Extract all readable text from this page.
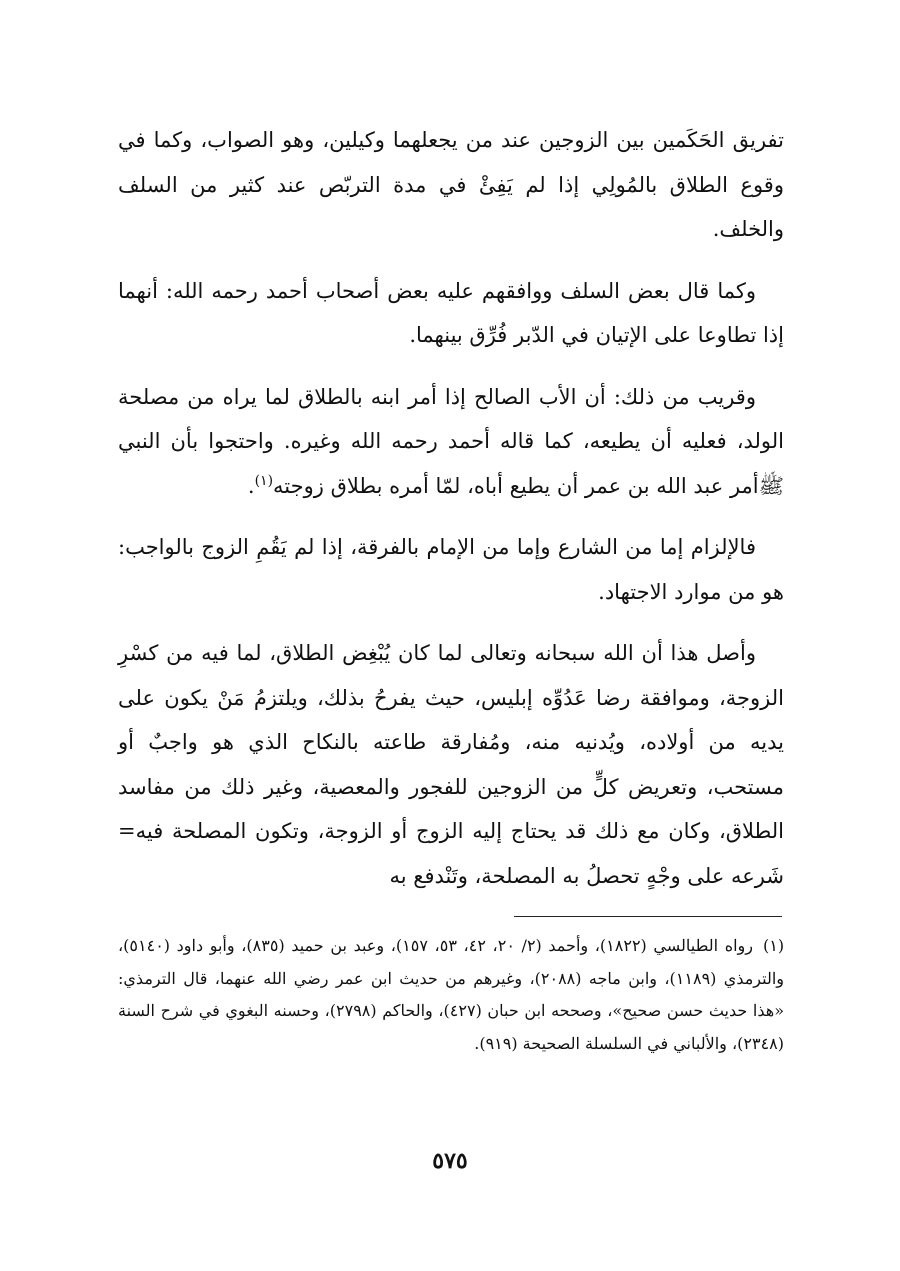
تفريق الحَكَمين بين الزوجين عند من يجعلهما وكيلين، وهو الصواب، وكما في وقوع الطلاق بالمُولِي إذا لم يَفِئْ في مدة التربّص عند كثير من السلف والخلف.

وكما قال بعض السلف ووافقهم عليه بعض أصحاب أحمد رحمه الله: أنهما إذا تطاوعا على الإتيان في الدّبر فُرِّق بينهما.

وقريب من ذلك: أن الأب الصالح إذا أمر ابنه بالطلاق لما يراه من مصلحة الولد، فعليه أن يطيعه، كما قاله أحمد رحمه الله وغيره. واحتجوا بأن النبي ﷺأمر عبد الله بن عمر أن يطيع أباه، لمّا أمره بطلاق زوجته$^{(١)}$.

فالإلزام إما من الشارع وإما من الإمام بالفرقة، إذا لم يَقُمِ الزوج بالواجب: هو من موارد الاجتهاد.

وأصل هذا أن الله سبحانه وتعالى لما كان يُبْغِض الطلاق، لما فيه من كسْرِ الزوجة، وموافقة رضا عَدُوِّه إبليس، حيث يفرحُ بذلك، ويلتزمُ مَنْ يكون على يديه من أولاده، ويُدنيه منه، ومُفارقة طاعته بالنكاح الذي هو واجبٌ أو مستحب، وتعريض كلٍّ من الزوجين للفجور والمعصية، وغير ذلك من مفاسد الطلاق، وكان مع ذلك قد يحتاج إليه الزوج أو الزوجة، وتكون المصلحة فيه= شَرعه على وجْهٍ تحصلُ به المصلحة، وتَنْدفع به

(١)رواه الطيالسي (١٨٢٢)، وأحمد (٢/ ٢٠، ٤٢، ٥٣، ١٥٧)، وعبد بن حميد (٨٣٥)، وأبو داود (٥١٤٠)، والترمذي (١١٨٩)، وابن ماجه (٢٠٨٨)، وغيرهم من حديث ابن عمر رضي الله عنهما، قال الترمذي: «هذا حديث حسن صحيح»، وصححه ابن حبان (٤٢٧)، والحاكم (٢٧٩٨)، وحسنه البغوي في شرح السنة (٢٣٤٨)، والألباني في السلسلة الصحيحة (٩١٩).

٥٧٥
